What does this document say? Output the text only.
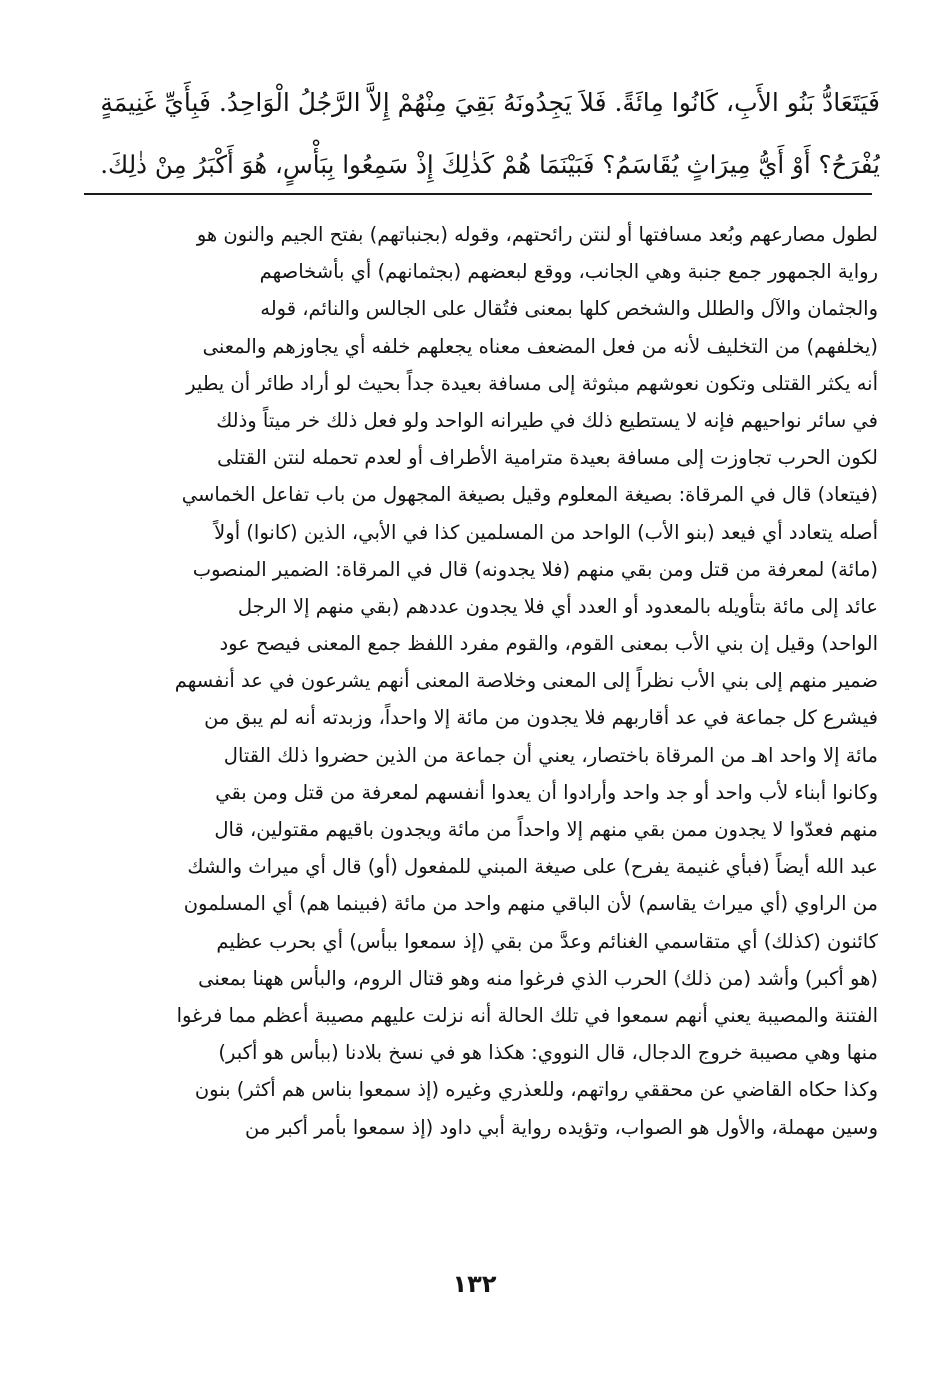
فَيَتَعَادُّ بَنُو الأَبِ، كَانُوا مِائَةً. فَلاَ يَجِدُونَهُ بَقِيَ مِنْهُمْ إِلاَّ الرَّجُلُ الْوَاحِدُ. فَبِأَيِّ غَنِيمَةٍ
يُفْرَحُ؟ أَوْ أَيُّ مِيرَاثٍ يُقَاسَمُ؟ فَبَيْنَمَا هُمْ كَذٰلِكَ إِذْ سَمِعُوا بِبَأْسٍ، هُوَ أَكْبَرُ مِنْ ذٰلِكَ.
لطول مصارعهم وبُعد مسافتها أو لنتن رائحتهم، وقوله (بجنباتهم) بفتح الجيم والنون هو
رواية الجمهور جمع جنبة وهي الجانب، ووقع لبعضهم (بجثمانهم) أي بأشخاصهم
والجثمان والآل والطلل والشخص كلها بمعنى فتُقال على الجالس والنائم، قوله
(يخلفهم) من التخليف لأنه من فعل المضعف معناه يجعلهم خلفه أي يجاوزهم والمعنى
أنه يكثر القتلى وتكون نعوشهم مبثوثة إلى مسافة بعيدة جداً بحيث لو أراد طائر أن يطير
في سائر نواحيهم فإنه لا يستطيع ذلك في طيرانه الواحد ولو فعل ذلك خر ميتاً وذلك
لكون الحرب تجاوزت إلى مسافة بعيدة مترامية الأطراف أو لعدم تحمله لنتن القتلى
(فيتعاد) قال في المرقاة: بصيغة المعلوم وقيل بصيغة المجهول من باب تفاعل الخماسي
أصله يتعادد أي فيعد (بنو الأب) الواحد من المسلمين كذا في الأبي، الذين (كانوا) أولاً
(مائة) لمعرفة من قتل ومن بقي منهم (فلا يجدونه) قال في المرقاة: الضمير المنصوب
عائد إلى مائة بتأويله بالمعدود أو العدد أي فلا يجدون عددهم (بقي منهم إلا الرجل
الواحد) وقيل إن بني الأب بمعنى القوم، والقوم مفرد اللفظ جمع المعنى فيصح عود
ضمير منهم إلى بني الأب نظراً إلى المعنى وخلاصة المعنى أنهم يشرعون في عد أنفسهم
فيشرع كل جماعة في عد أقاربهم فلا يجدون من مائة إلا واحداً، وزبدته أنه لم يبق من
مائة إلا واحد اهـ من المرقاة باختصار، يعني أن جماعة من الذين حضروا ذلك القتال
وكانوا أبناء لأب واحد أو جد واحد وأرادوا أن يعدوا أنفسهم لمعرفة من قتل ومن بقي
منهم فعدّوا لا يجدون ممن بقي منهم إلا واحداً من مائة ويجدون باقيهم مقتولين، قال
عبد الله أيضاً (فبأي غنيمة يفرح) على صيغة المبني للمفعول (أو) قال أي ميراث والشك
من الراوي (أي ميراث يقاسم) لأن الباقي منهم واحد من مائة (فبينما هم) أي المسلمون
كائنون (كذلك) أي متقاسمي الغنائم وعدَّ من بقي (إذ سمعوا ببأس) أي بحرب عظيم
(هو أكبر) وأشد (من ذلك) الحرب الذي فرغوا منه وهو قتال الروم، والبأس ههنا بمعنى
الفتنة والمصيبة يعني أنهم سمعوا في تلك الحالة أنه نزلت عليهم مصيبة أعظم مما فرغوا
منها وهي مصيبة خروج الدجال، قال النووي: هكذا هو في نسخ بلادنا (ببأس هو أكبر)
وكذا حكاه القاضي عن محققي رواتهم، وللعذري وغيره (إذ سمعوا بناس هم أكثر) بنون
وسين مهملة، والأول هو الصواب، وتؤيده رواية أبي داود (إذ سمعوا بأمر أكبر من
١٣٢
